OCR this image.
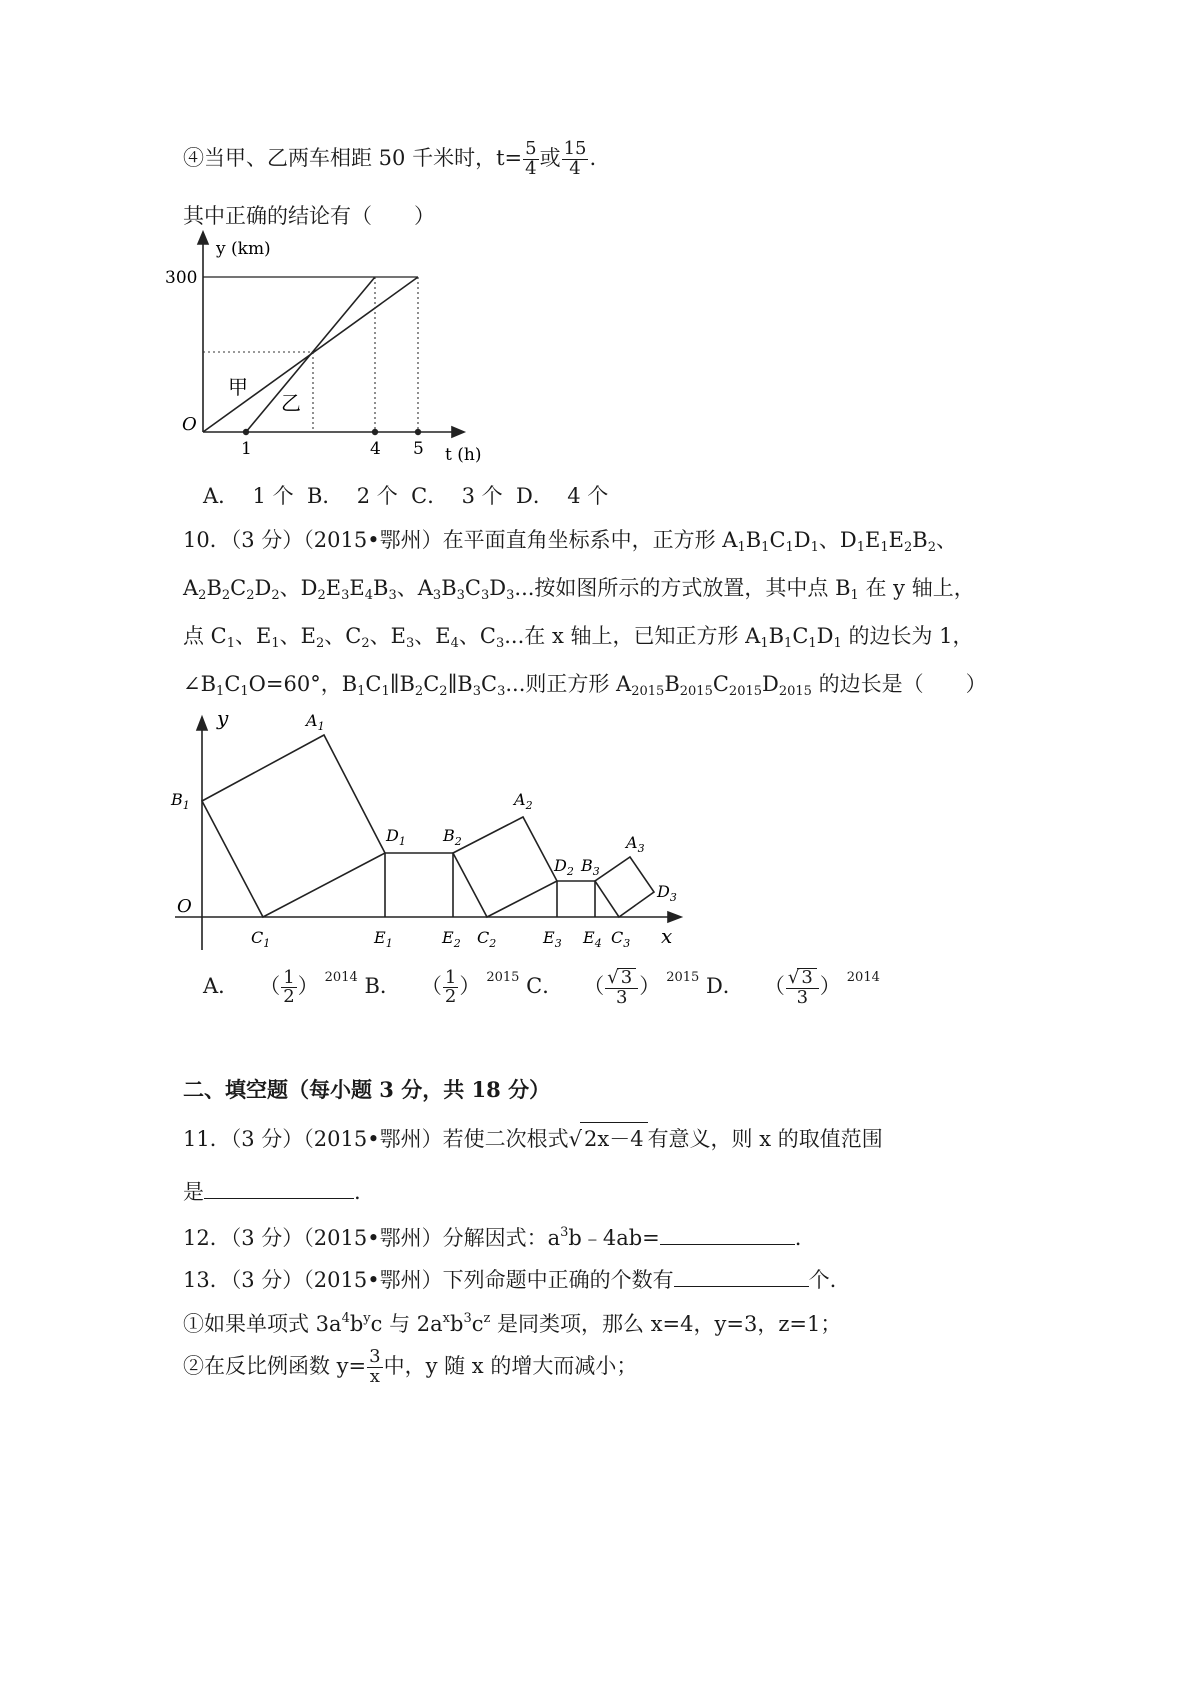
④当甲、乙两车相距 50 千米时，$t= \frac{5}{4}$ 或 $\frac{15}{4}$ .
其中正确的结论有（　　）
y (km)
300
O
1	4 5 t (h)
甲
乙
A． 1 个 B． 2 个 C． 3 个 D． 4 个
10．（3 分）（2015•鄂州）在平面直角坐标系中，正方形 $A_1B_1C_1D_1$、$D_1E_1E_2B_2$、
$A_2B_2C_2D_2$、$D_2E_3E_4B_3$、$A_3B_3C_3D_3$...按如图所示的方式放置，其中点 $B_1$ 在 y 轴上，
点 $C_1$、$E_1$、$E_2$、$C_2$、$E_3$、$E_4$、$C_3$...在 x 轴上，已知正方形 $A_1B_1C_1D_1$ 的边长为 1，
$\angle B_1C_1O=60^\circ$，$B_1C_1\parallel B_2C_2\parallel B_3C_3$...则正方形 $A_{2015}B_{2015}C_{2015}D_{2015}$ 的边长是（　　）
y
x
O
$A_1$
$B_1$
$C_1$
$D_1$
$E_1$	$E_2$
$B_2$
$A_2$
$C_2$
$D_2$ $B_3$
$E_3$ $E_4$ $C_3$
$A_3$
$D_3$
A．   （ $\frac{1}{2}$ ） $^{2014}$ B．   （ $\frac{1}{2}$ ） $^{2015}$ C．   （ $\frac{√ 3}{3}$ ） $^{2015}$ D．   （ $\frac{√ 3}{3}$ ） $^{2014}$
二、填空题（每小题 3 分，共 18 分）
11．（3 分）（2015•鄂州）若使二次根式√2x－4 有意义，则 x 的取值范围
是	.
12．（3 分）（2015•鄂州）分解因式：$a^3b﹣4ab=$	.
13．（3 分）（2015•鄂州）下列命题中正确的个数有	个.
①如果单项式 $3a^4b^yc$ 与 $2a^xb^3c^z$ 是同类项，那么 x=4，y=3，z=1；
②在反比例函数 $y= \frac{3}{x}$ 中，y 随 x 的增大而减小；
